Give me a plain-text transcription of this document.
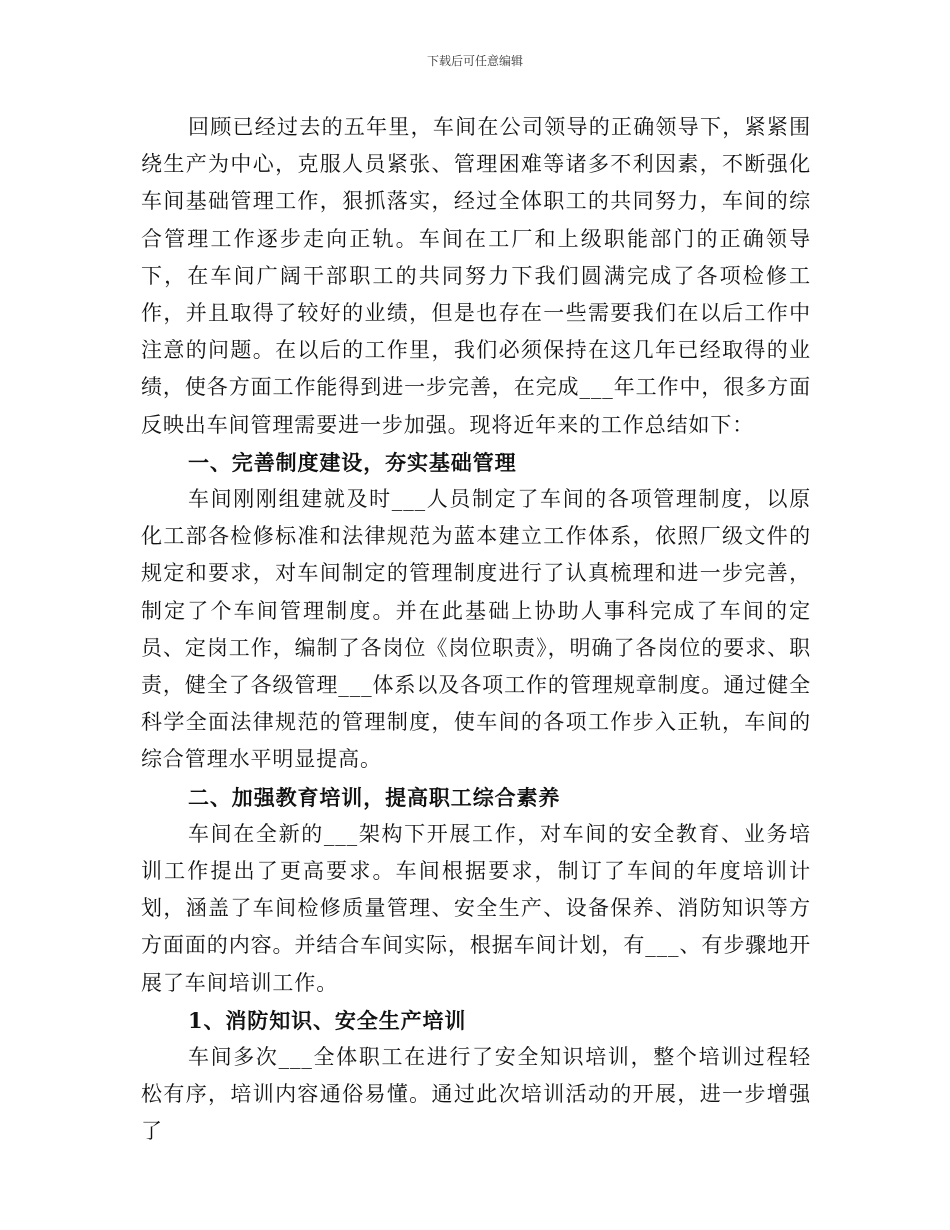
下载后可任意编辑

回顾已经过去的五年里，车间在公司领导的正确领导下，紧紧围绕生产为中心，克服人员紧张、管理困难等诸多不利因素，不断强化车间基础管理工作，狠抓落实，经过全体职工的共同努力，车间的综合管理工作逐步走向正轨。车间在工厂和上级职能部门的正确领导下，在车间广阔干部职工的共同努力下我们圆满完成了各项检修工作，并且取得了较好的业绩，但是也存在一些需要我们在以后工作中注意的问题。在以后的工作里，我们必须保持在这几年已经取得的业绩，使各方面工作能得到进一步完善，在完成___年工作中，很多方面反映出车间管理需要进一步加强。现将近年来的工作总结如下：

一、完善制度建设，夯实基础管理

车间刚刚组建就及时___人员制定了车间的各项管理制度，以原化工部各检修标准和法律规范为蓝本建立工作体系，依照厂级文件的规定和要求，对车间制定的管理制度进行了认真梳理和进一步完善，制定了个车间管理制度。并在此基础上协助人事科完成了车间的定员、定岗工作，编制了各岗位《岗位职责》，明确了各岗位的要求、职责，健全了各级管理___体系以及各项工作的管理规章制度。通过健全科学全面法律规范的管理制度，使车间的各项工作步入正轨，车间的综合管理水平明显提高。

二、加强教育培训，提高职工综合素养

车间在全新的___架构下开展工作，对车间的安全教育、业务培训工作提出了更高要求。车间根据要求，制订了车间的年度培训计划，涵盖了车间检修质量管理、安全生产、设备保养、消防知识等方方面面的内容。并结合车间实际，根据车间计划，有___、有步骤地开展了车间培训工作。

1、消防知识、安全生产培训

车间多次___全体职工在进行了安全知识培训，整个培训过程轻松有序，培训内容通俗易懂。通过此次培训活动的开展，进一步增强了
